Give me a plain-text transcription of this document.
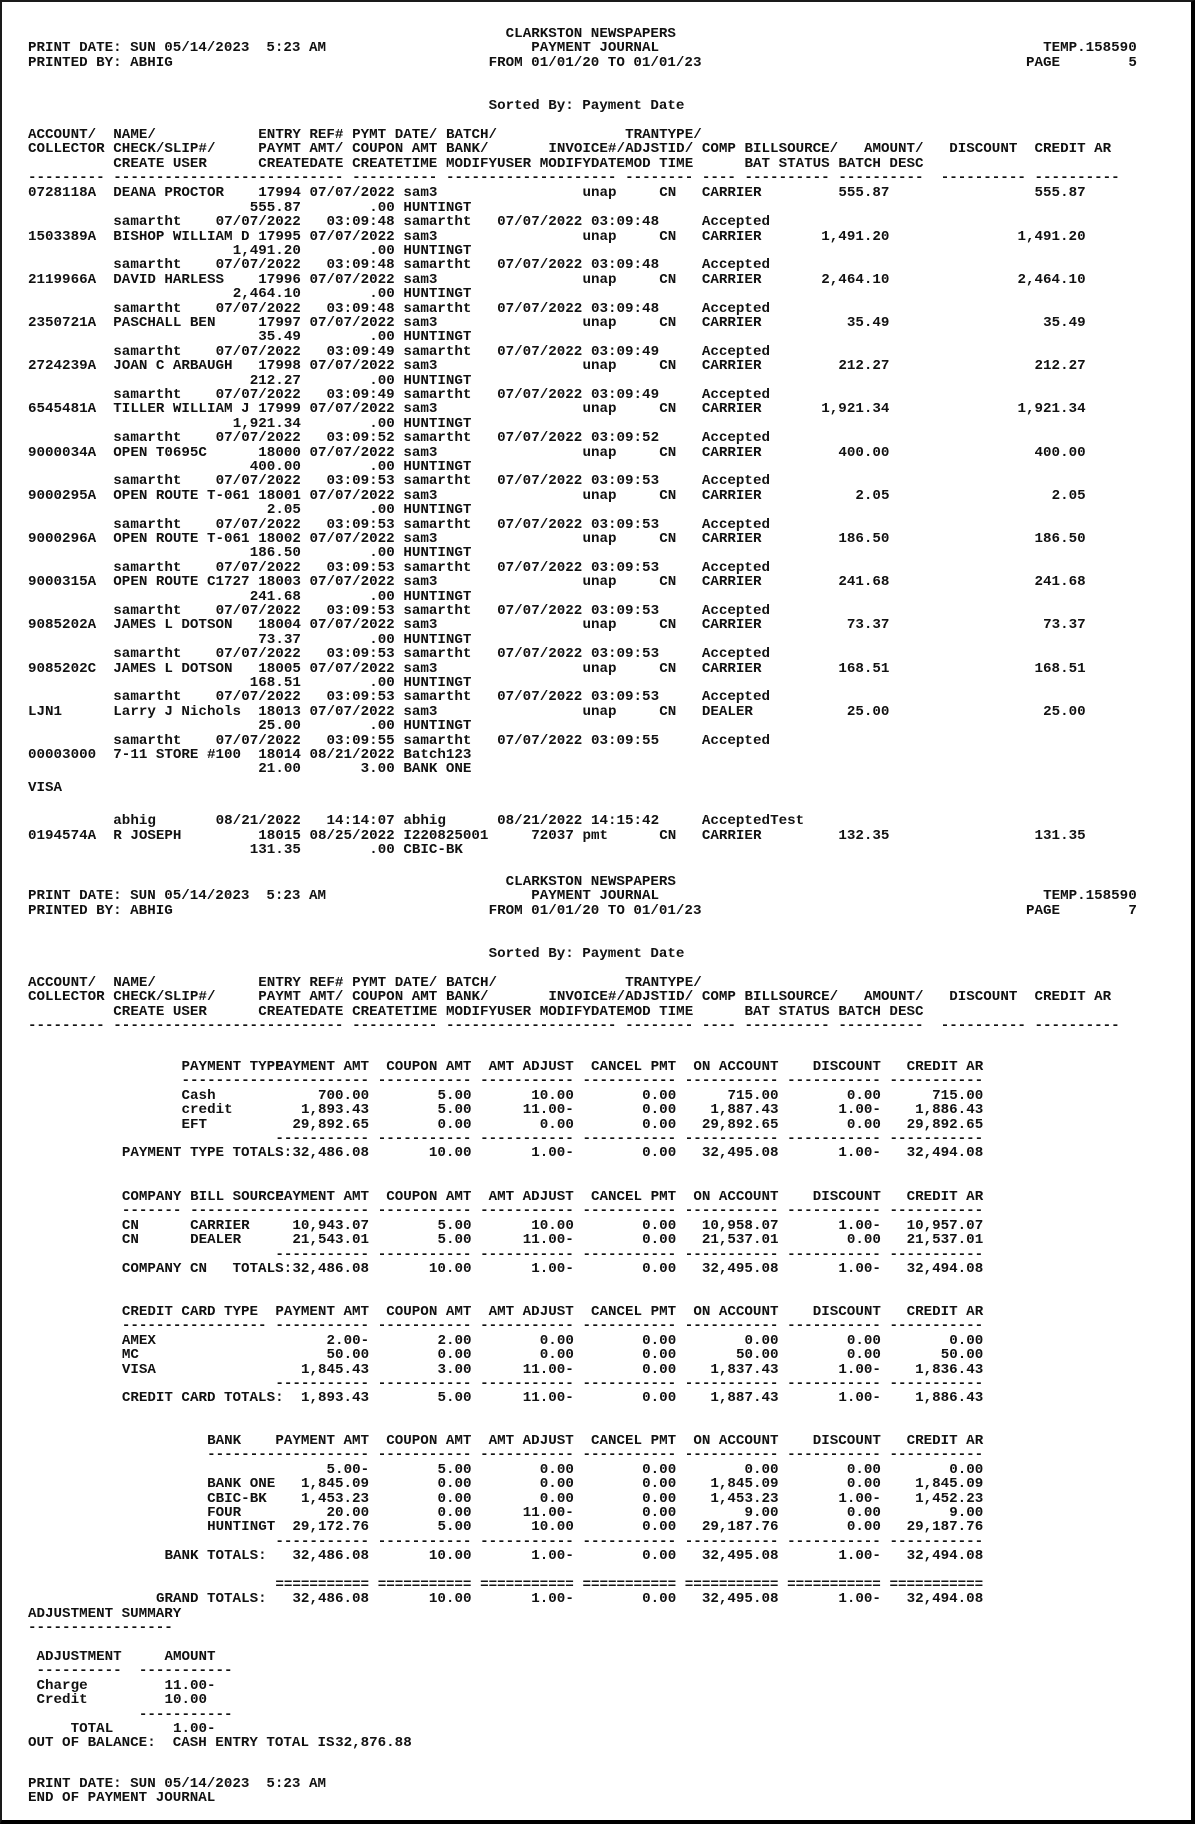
CLARKSTON NEWSPAPERS
PRINT DATE: SUN 05/14/2023  5:23 AM	PAYMENT JOURNAL	TEMP.158590
PRINTED BY: ABHIG	FROM 01/01/20 TO 01/01/23	PAGE	5
Sorted By: Payment Date
ACCOUNT/ NAME/	ENTRY REF# PYMT DATE/ BATCH/	TRANTYPE/
COLLECTOR CHECK/SLIP#/	PAYMT AMT/ COUPON AMT BANK/	INVOICE#/ ADJSTID/ COMP BILLSOURCE/ AMOUNT/ DISCOUNT CREDIT AR
CREATE USER	CREATEDATE CREATETIME MODIFYUSER MODIFYDATE MOD TIME	BAT STATUS BATCH DESC
--------- ----------------- ---------- ---------- ---------- ---------- -------- ---- ---------- ---------- ---------- ----------
0728118A DEANA PROCTOR 17994 07/07/2022 sam3	unap	CN CARRIER	555.87	555.87
555.87	.00 HUNTINGT
samartht 07/07/2022 03:09:48 samartht 07/07/2022 03:09:48	Accepted
1503389A BISHOP WILLIAM D 17995 07/07/2022 sam3	unap	CN CARRIER	1,491.20	1,491.20
1,491.20	.00 HUNTINGT
samartht 07/07/2022 03:09:48 samartht 07/07/2022 03:09:48	Accepted
2119966A DAVID HARLESS 17996 07/07/2022 sam3	unap	CN CARRIER	2,464.10	2,464.10
2,464.10	.00 HUNTINGT
samartht 07/07/2022 03:09:48 samartht 07/07/2022 03:09:48	Accepted
2350721A PASCHALL BEN	17997 07/07/2022 sam3	unap	CN CARRIER	35.49	35.49
35.49	.00 HUNTINGT
samartht 07/07/2022 03:09:49 samartht 07/07/2022 03:09:49	Accepted
2724239A JOAN C ARBAUGH 17998 07/07/2022 sam3	unap	CN CARRIER	212.27	212.27
212.27	.00 HUNTINGT
samartht 07/07/2022 03:09:49 samartht 07/07/2022 03:09:49	Accepted
6545481A TILLER WILLIAM J 17999 07/07/2022 sam3	unap	CN CARRIER	1,921.34	1,921.34
1,921.34	.00 HUNTINGT
samartht 07/07/2022 03:09:52 samartht 07/07/2022 03:09:52	Accepted
9000034A OPEN T0695C	18000 07/07/2022 sam3	unap	CN CARRIER	400.00	400.00
400.00	.00 HUNTINGT
samartht 07/07/2022 03:09:53 samartht 07/07/2022 03:09:53	Accepted
9000295A OPEN ROUTE T-061 18001 07/07/2022 sam3	unap	CN CARRIER	2.05	2.05
2.05	.00 HUNTINGT
samartht 07/07/2022 03:09:53 samartht 07/07/2022 03:09:53	Accepted
9000296A OPEN ROUTE T-061 18002 07/07/2022 sam3	unap	CN CARRIER	186.50	186.50
186.50	.00 HUNTINGT
samartht 07/07/2022 03:09:53 samartht 07/07/2022 03:09:53	Accepted
9000315A OPEN ROUTE C1727 18003 07/07/2022 sam3	unap	CN CARRIER	241.68	241.68
241.68	.00 HUNTINGT
samartht 07/07/2022 03:09:53 samartht 07/07/2022 03:09:53	Accepted
9085202A JAMES L DOTSON 18004 07/07/2022 sam3	unap	CN CARRIER	73.37	73.37
73.37	.00 HUNTINGT
samartht 07/07/2022 03:09:53 samartht 07/07/2022 03:09:53	Accepted
9085202C JAMES L DOTSON 18005 07/07/2022 sam3	unap	CN CARRIER	168.51	168.51
168.51	.00 HUNTINGT
samartht 07/07/2022 03:09:53 samartht 07/07/2022 03:09:53	Accepted
LJN1	Larry J Nichols 18013 07/07/2022 sam3	unap	CN DEALER	25.00	25.00
25.00	.00 HUNTINGT
samartht 07/07/2022 03:09:55 samartht 07/07/2022 03:09:55	Accepted
00003000 7-11 STORE #100 18014 08/21/2022 Batch123
21.00	3.00 BANK ONE
VISA
abhig	08/21/2022 14:14:07 abhig	08/21/2022 14:15:42	Accepted Test
0194574A R JOSEPH	18015 08/25/2022 I220825001	72037 pmt	CN CARRIER	132.35	131.35
131.35	.00 CBIC-BK
CLARKSTON NEWSPAPERS
PRINT DATE: SUN 05/14/2023  5:23 AM	PAYMENT JOURNAL	TEMP.158590
PRINTED BY: ABHIG	FROM 01/01/20 TO 01/01/23	PAGE	7
Sorted By: Payment Date
ACCOUNT/ NAME/	ENTRY REF# PYMT DATE/ BATCH/	TRANTYPE/
COLLECTOR CHECK/SLIP#/	PAYMT AMT/ COUPON AMT BANK/	INVOICE#/ ADJSTID/ COMP BILLSOURCE/ AMOUNT/ DISCOUNT CREDIT AR
CREATE USER	CREATEDATE CREATETIME MODIFYUSER MODIFYDATE MOD TIME	BAT STATUS BATCH DESC
--------- ----------------- ---------- ---------- ---------- ---------- -------- ---- ---------- ---------- ---------- ----------
PAYMENT TYPE
PAYMENT AMT COUPON AMT AMT ADJUST CANCEL PMT ON ACCOUNT DISCOUNT CREDIT AR
----------- ----------- ----------- ----------- ----------- ----------- ----------- -----------
Cash	700.00	5.00	10.00	0.00	715.00	0.00	715.00
credit	1,893.43	5.00	11.00-	0.00 1,887.43	1.00- 1,886.43
EFT	29,892.65	0.00	0.00	0.00 29,892.65	0.00 29,892.65
----------- ----------- ----------- ----------- ----------- ----------- -----------
PAYMENT TYPE TOTALS: 32,486.08	10.00	1.00-	0.00 32,495.08	1.00- 32,494.08
COMPANY BILL SOURCE
PAYMENT AMT COUPON AMT AMT ADJUST CANCEL PMT ON ACCOUNT DISCOUNT CREDIT AR
------- ---------- ----------- ----------- ----------- ----------- ----------- ----------- -----------
CN	CARRIER	10,943.07	5.00	10.00	0.00 10,958.07	1.00- 10,957.07
CN	DEALER	21,543.01	5.00	11.00-	0.00 21,537.01	0.00 21,537.01
----------- ----------- ----------- ----------- ----------- ----------- -----------
COMPANY CN   TOTALS: 32,486.08	10.00	1.00-	0.00 32,495.08	1.00- 32,494.08
CREDIT CARD TYPE PAYMENT AMT COUPON AMT AMT ADJUST CANCEL PMT ON ACCOUNT DISCOUNT CREDIT AR
----------------- ----------- ----------- ----------- ----------- ----------- ----------- -----------
AMEX	2.00-	2.00	0.00	0.00	0.00	0.00	0.00
MC	50.00	0.00	0.00	0.00	50.00	0.00	50.00
VISA	1,845.43	3.00	11.00-	0.00 1,837.43	1.00- 1,836.43
----------- ----------- ----------- ----------- ----------- ----------- -----------
CREDIT CARD TOTALS: 1,893.43	5.00	11.00-	0.00 1,887.43	1.00- 1,886.43
BANK PAYMENT AMT COUPON AMT AMT ADJUST CANCEL PMT ON ACCOUNT DISCOUNT CREDIT AR
-------- ----------- ----------- ----------- ----------- ----------- ----------- -----------
5.00-	5.00	0.00	0.00	0.00	0.00	0.00
BANK ONE 1,845.09	0.00	0.00	0.00 1,845.09	0.00 1,845.09
CBIC-BK 1,453.23	0.00	0.00	0.00 1,453.23	1.00- 1,452.23
FOUR	20.00	0.00	11.00-	0.00	9.00	0.00	9.00
HUNTINGT 29,172.76	5.00	10.00	0.00 29,187.76	0.00 29,187.76
----------- ----------- ----------- ----------- ----------- ----------- -----------
BANK TOTALS: 32,486.08	10.00	1.00-	0.00 32,495.08	1.00- 32,494.08
=========== =========== =========== =========== =========== =========== ===========
GRAND TOTALS: 32,486.08	10.00	1.00-	0.00 32,495.08	1.00- 32,494.08
ADJUSTMENT SUMMARY
-----------------
ADJUSTMENT	AMOUNT
---------- -----------
Charge	11.00-
Credit	10.00
-----------
TOTAL	1.00-
OUT OF BALANCE:  CASH ENTRY TOTAL IS 32,876.88
PRINT DATE: SUN 05/14/2023  5:23 AM
END OF PAYMENT JOURNAL
